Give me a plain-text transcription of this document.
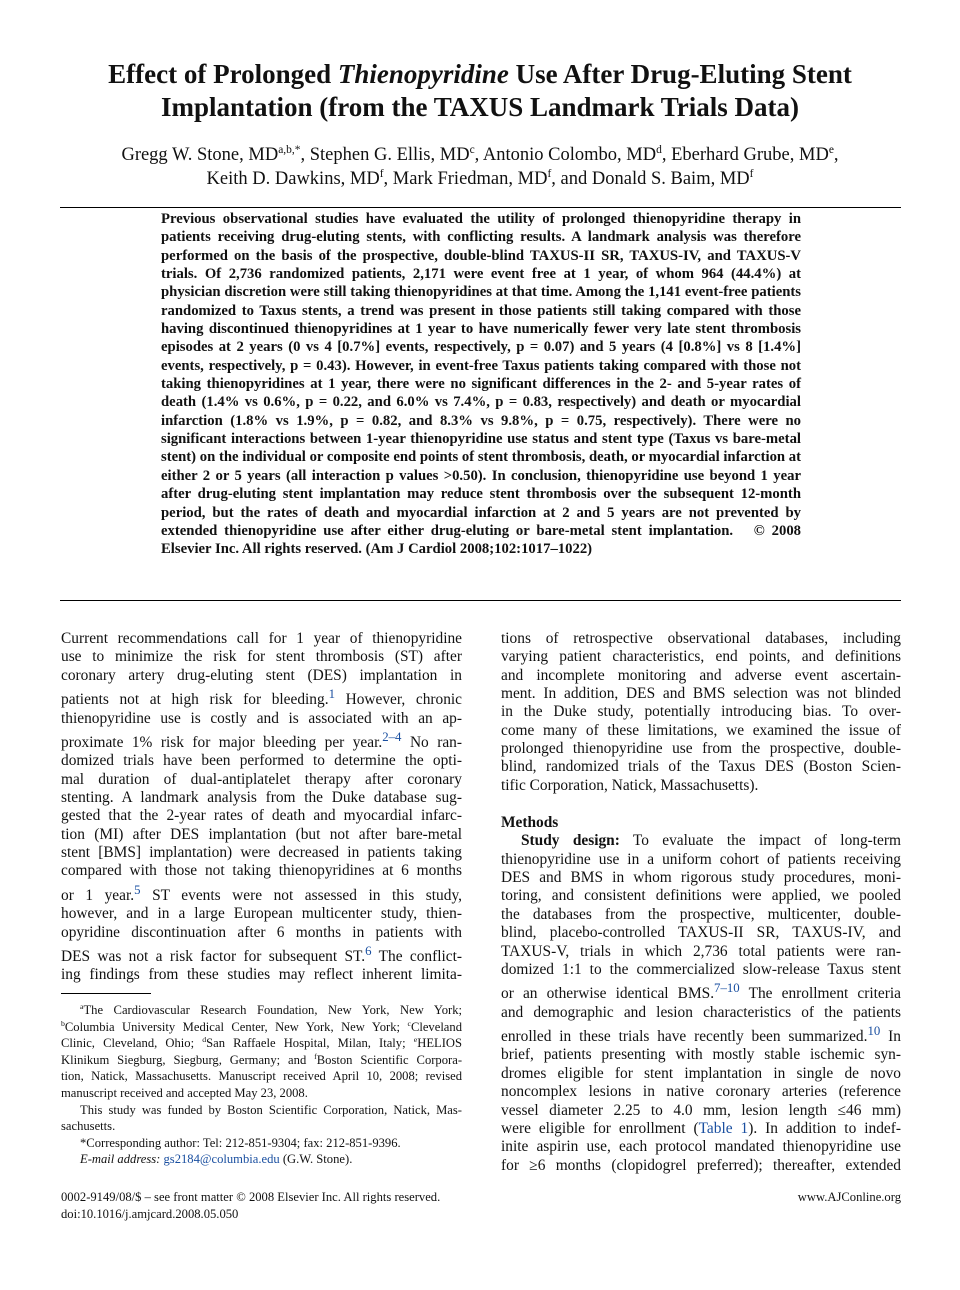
Effect of Prolonged Thienopyridine Use After Drug-Eluting Stent
Implantation (from the TAXUS Landmark Trials Data)
Gregg W. Stone, $MD^{a,b,*}$, Stephen G. Ellis, $MD^c$, Antonio Colombo, $MD^d$, Eberhard Grube, MDe,
Keith D. Dawkins, $MD^f$, Mark Friedman, $MD^f$, and Donald S. Baim, $MD^f$
Previous observational studies have evaluated the utility of prolonged thienopyridine therapy in patients receiving drug-eluting stents, with conflicting results. A landmark analysis was therefore performed on the basis of the prospective, double-blind TAXUS-II SR, TAXUS-IV, and TAXUS-V trials. Of 2,736 randomized patients, 2,171 were event free at 1 year, of whom 964 (44.4%) at physician discretion were still taking thienopyridines at that time. Among the 1,141 event-free patients randomized to Taxus stents, a trend was present in those patients still taking compared with those having discontinued thienopyridines at 1 year to have numerically fewer very late stent thrombosis episodes at 2 years (0 vs 4 [0.7%] events, respectively, p = 0.07) and 5 years (4 [0.8%] vs 8 [1.4%] events, respectively, p = 0.43). However, in event-free Taxus patients taking compared with those not taking thienopyridines at 1 year, there were no significant differences in the 2- and 5-year rates of death (1.4% vs 0.6%, p = 0.22, and 6.0% vs 7.4%, p = 0.83, respectively) and death or myocardial infarction (1.8% vs 1.9%, p = 0.82, and 8.3% vs 9.8%, p = 0.75, respectively). There were no significant interactions between 1-year thienopyridine use status and stent type (Taxus vs bare-metal stent) on the individual or composite end points of stent thrombosis, death, or myocardial infarction at either 2 or 5 years (all interaction p values >0.50). In conclusion, thienopyridine use beyond 1 year after drug-eluting stent implantation may reduce stent thrombosis over the subsequent 12-month period, but the rates of death and myocardial infarction at 2 and 5 years are not prevented by extended thienopyridine use after either drug-eluting or bare-metal stent implantation. © 2008 Elsevier Inc. All rights reserved. (Am J Cardiol 2008;102:1017–1022)
Current recommendations call for 1 year of thienopyridine
use to minimize the risk for stent thrombosis (ST) after
coronary artery drug-eluting stent (DES) implantation in
patients not at high risk for bleeding.$^1$ However, chronic
thienopyridine use is costly and is associated with an ap-
proximate 1% risk for major bleeding per year.$^{2-4}$ No ran-
domized trials have been performed to determine the opti-
mal duration of dual-antiplatelet therapy after coronary
stenting. A landmark analysis from the Duke database sug-
gested that the 2-year rates of death and myocardial infarc-
tion (MI) after DES implantation (but not after bare-metal
stent [BMS] implantation) were decreased in patients taking
compared with those not taking thienopyridines at 6 months
or 1 year.$^5$ ST events were not assessed in this study,
however, and in a large European multicenter study, thien-
opyridine discontinuation after 6 months in patients with
DES was not a risk factor for subsequent ST.$^6$ The conflict-
ing findings from these studies may reflect inherent limita-
tions of retrospective observational databases, including
varying patient characteristics, end points, and definitions
and incomplete monitoring and adverse event ascertain-
ment. In addition, DES and BMS selection was not blinded
in the Duke study, potentially introducing bias. To over-
come many of these limitations, we examined the issue of
prolonged thienopyridine use from the prospective, double-
blind, randomized trials of the Taxus DES (Boston Scien-
tific Corporation, Natick, Massachusetts).
Methods
Study design: To evaluate the impact of long-term
thienopyridine use in a uniform cohort of patients receiving
DES and BMS in whom rigorous study procedures, moni-
toring, and consistent definitions were applied, we pooled
the databases from the prospective, multicenter, double-
blind, placebo-controlled TAXUS-II SR, TAXUS-IV, and
TAXUS-V, trials in which 2,736 total patients were ran-
domized 1:1 to the commercialized slow-release Taxus stent
or an otherwise identical BMS.$^{7-10}$ The enrollment criteria
and demographic and lesion characteristics of the patients
enrolled in these trials have recently been summarized.$^{10}$ In
brief, patients presenting with mostly stable ischemic syn-
dromes eligible for stent implantation in single de novo
noncomplex lesions in native coronary arteries (reference
vessel diameter 2.25 to 4.0 mm, lesion length ≤46 mm)
were eligible for enrollment (Table 1). In addition to indef-
inite aspirin use, each protocol mandated thienopyridine use
for ≥6 months (clopidogrel preferred); thereafter, extended
$^a$The Cardiovascular Research Foundation, New York, New York;
$^b$Columbia University Medical Center, New York, New York; $^c$Cleveland
Clinic, Cleveland, Ohio; $^d$San Raffaele Hospital, Milan, Italy; $^e$HELIOS
Klinikum Siegburg, Siegburg, Germany; and $^f$Boston Scientific Corpora-
tion, Natick, Massachusetts. Manuscript received April 10, 2008; revised
manuscript received and accepted May 23, 2008.
This study was funded by Boston Scientific Corporation, Natick, Mas-
sachusetts.
*Corresponding author: Tel: 212-851-9304; fax: 212-851-9396.
E-mail address: gs2184@columbia.edu (G.W. Stone).
0002-9149/08/$ – see front matter © 2008 Elsevier Inc. All rights reserved.
doi:10.1016/j.amjcard.2008.05.050
www.AJConline.org
